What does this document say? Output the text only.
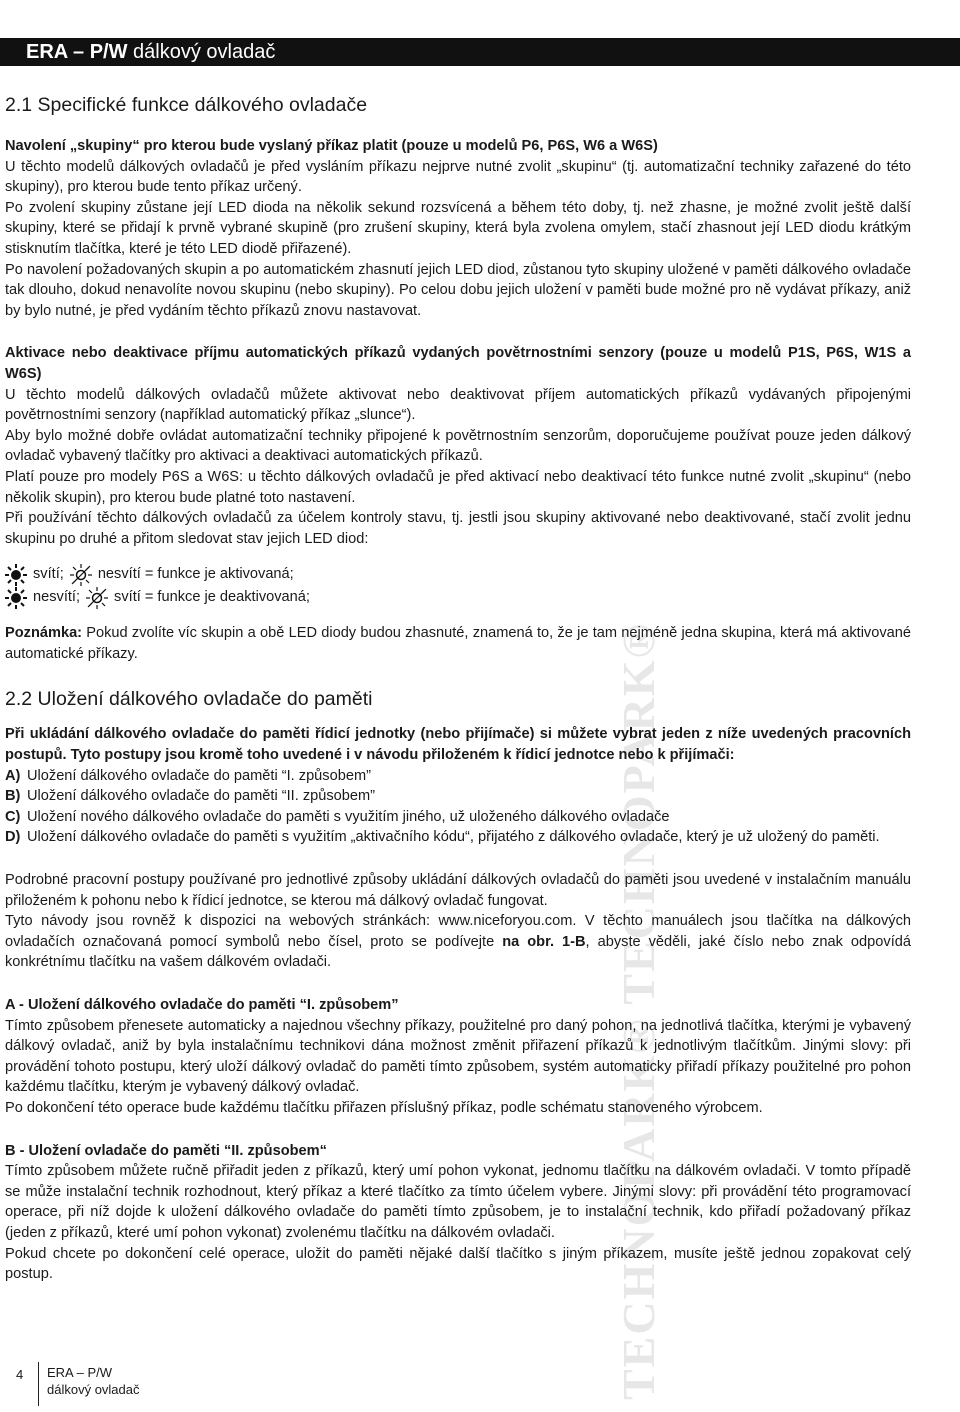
ERA – P/W dálkový ovladač
TECHNOPARK® TECHNOPARK®
2.1 Specifické funkce dálkového ovladače

Navolení „skupiny“ pro kterou bude vyslaný příkaz platit (pouze u modelů P6, P6S, W6 a W6S)

U těchto modelů dálkových ovladačů je před vysláním příkazu nejprve nutné zvolit „skupinu“ (tj. automatizační techniky zařazené do této skupiny), pro kterou bude tento příkaz určený.

Po zvolení skupiny zůstane její LED dioda na několik sekund rozsvícená a během této doby, tj. než zhasne, je možné zvolit ještě další skupiny, které se přidají k prvně vybrané skupině (pro zrušení skupiny, která byla zvolena omylem, stačí zhasnout její LED diodu krátkým stisknutím tlačítka, které je této LED diodě přiřazené).

Po navolení požadovaných skupin a po automatickém zhasnutí jejich LED diod, zůstanou tyto skupiny uložené v paměti dálkového ovladače tak dlouho, dokud nenavolíte novou skupinu (nebo skupiny). Po celou dobu jejich uložení v paměti bude možné pro ně vydávat příkazy, aniž by bylo nutné, je před vydáním těchto příkazů znovu nastavovat.

Aktivace nebo deaktivace příjmu automatických příkazů vydaných povětrnostními senzory (pouze u modelů P1S, P6S, W1S a W6S)

U těchto modelů dálkových ovladačů můžete aktivovat nebo deaktivovat příjem automatických příkazů vydávaných připojenými povětrnostními senzory (například automatický příkaz „slunce“).

Aby bylo možné dobře ovládat automatizační techniky připojené k povětrnostním senzorům, doporučujeme používat pouze jeden dálkový ovladač vybavený tlačítky pro aktivaci a deaktivaci automatických příkazů.

Platí pouze pro modely P6S a W6S: u těchto dálkových ovladačů je před aktivací nebo deaktivací této funkce nutné zvolit „skupinu“ (nebo několik skupin), pro kterou bude platné toto nastavení.

Při používání těchto dálkových ovladačů za účelem kontroly stavu, tj. jestli jsou skupiny aktivované nebo deaktivované, stačí zvolit jednu skupinu po druhé a přitom sledovat stav jejich LED diod:

svítí; nesvítí = funkce je aktivovaná;
nesvítí; svítí = funkce je deaktivovaná;

Poznámka: Pokud zvolíte víc skupin a obě LED diody budou zhasnuté, znamená to, že je tam nejméně jedna skupina, která má aktivované automatické příkazy.

2.2 Uložení dálkového ovladače do paměti

Při ukládání dálkového ovladače do paměti řídicí jednotky (nebo přijímače) si můžete vybrat jeden z níže uvedených pracovních postupů. Tyto postupy jsou kromě toho uvedené i v návodu přiloženém k řídicí jednotce nebo k přijímači:

A) Uložení dálkového ovladače do paměti “I. způsobem”
B) Uložení dálkového ovladače do paměti “II. způsobem”
C) Uložení nového dálkového ovladače do paměti s využitím jiného, už uloženého dálkového ovladače
D) Uložení dálkového ovladače do paměti s využitím „aktivačního kódu“, přijatého z dálkového ovladače, který je už uložený do paměti.

Podrobné pracovní postupy používané pro jednotlivé způsoby ukládání dálkových ovladačů do paměti jsou uvedené v instalačním manuálu přiloženém k pohonu nebo k řídicí jednotce, se kterou má dálkový ovladač fungovat.

Tyto návody jsou rovněž k dispozici na webových stránkách: www.niceforyou.com. V těchto manuálech jsou tlačítka na dálkových ovladačích označovaná pomocí symbolů nebo čísel, proto se podívejte na obr. 1-B, abyste věděli, jaké číslo nebo znak odpovídá konkrétnímu tlačítku na vašem dálkovém ovladači.

A - Uložení dálkového ovladače do paměti “I. způsobem”

Tímto způsobem přenesete automaticky a najednou všechny příkazy, použitelné pro daný pohon, na jednotlivá tlačítka, kterými je vybavený dálkový ovladač, aniž by byla instalačnímu technikovi dána možnost změnit přiřazení příkazů k jednotlivým tlačítkům. Jinými slovy: při provádění tohoto postupu, který uloží dálkový ovladač do paměti tímto způsobem, systém automaticky přiřadí příkazy použitelné pro pohon každému tlačítku, kterým je vybavený dálkový ovladač.

Po dokončení této operace bude každému tlačítku přiřazen příslušný příkaz, podle schématu stanoveného výrobcem.

B - Uložení ovladače do paměti “II. způsobem“

Tímto způsobem můžete ručně přiřadit jeden z příkazů, který umí pohon vykonat, jednomu tlačítku na dálkovém ovladači. V tomto případě se může instalační technik rozhodnout, který příkaz a které tlačítko za tímto účelem vybere. Jinými slovy: při provádění této programovací operace, při níž dojde k uložení dálkového ovladače do paměti tímto způsobem, je to instalační technik, kdo přiřadí požadovaný příkaz (jeden z příkazů, které umí pohon vykonat) zvolenému tlačítku na dálkovém ovladači.

Pokud chcete po dokončení celé operace, uložit do paměti nějaké další tlačítko s jiným příkazem, musíte ještě jednou zopakovat celý postup.

4	ERA – P/W
dálkový ovladač
